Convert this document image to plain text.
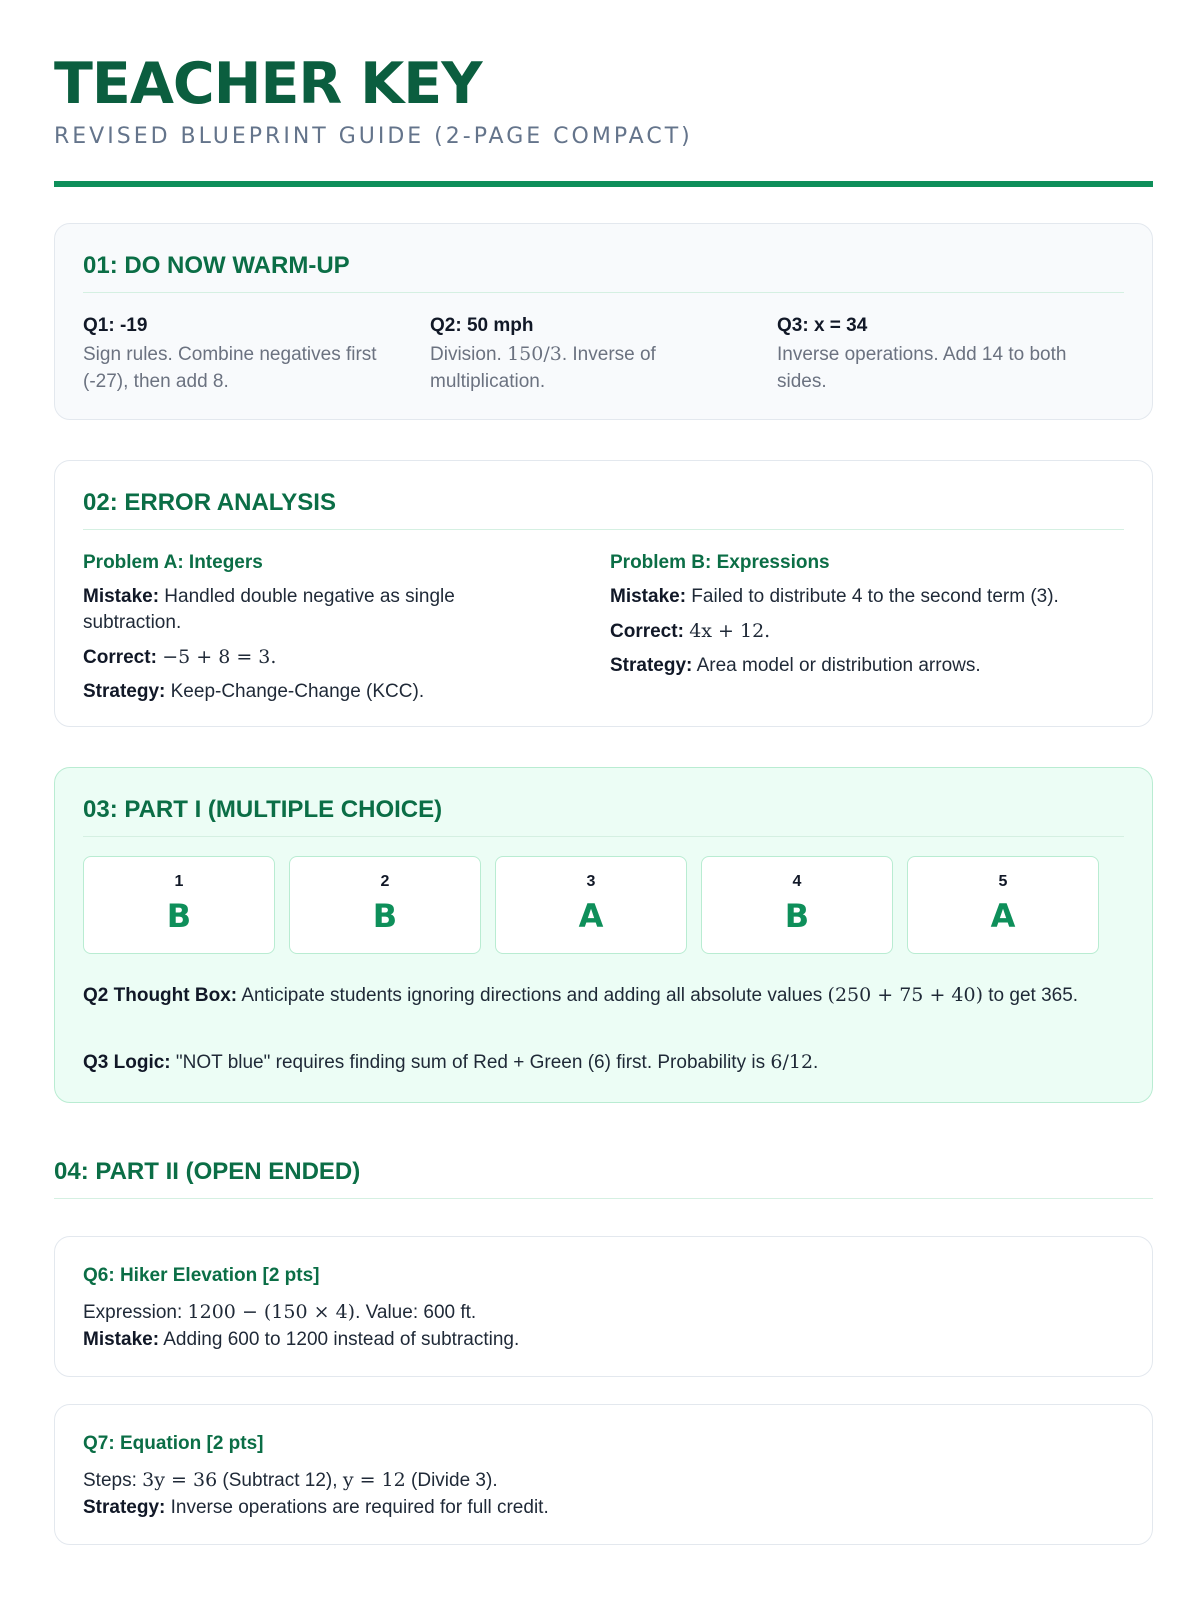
TEACHER KEY
REVISED BLUEPRINT GUIDE (2-PAGE COMPACT)
01: DO NOW WARM-UP
Q1: -19
Sign rules. Combine negatives first (-27), then add 8.
Q2: 50 mph
Division. 150/3. Inverse of multiplication.
Q3: x = 34
Inverse operations. Add 14 to both sides.
02: ERROR ANALYSIS
Problem A: Integers
Mistake: Handled double negative as single subtraction.
Correct: −5 + 8 = 3.
Strategy: Keep-Change-Change (KCC).
Problem B: Expressions
Mistake: Failed to distribute 4 to the second term (3).
Correct: 4x + 12.
Strategy: Area model or distribution arrows.
03: PART I (MULTIPLE CHOICE)
1
B
2
B
3
A
4
B
5
A
Q2 Thought Box: Anticipate students ignoring directions and adding all absolute values (250 + 75 + 40) to get 365.
Q3 Logic: "NOT blue" requires finding sum of Red + Green (6) first. Probability is 6/12.
04: PART II (OPEN ENDED)
Q6: Hiker Elevation [2 pts]
Expression: 1200 − (150 × 4). Value: 600 ft.
Mistake: Adding 600 to 1200 instead of subtracting.
Q7: Equation [2 pts]
Steps: 3y = 36 (Subtract 12), y = 12 (Divide 3).
Strategy: Inverse operations are required for full credit.
